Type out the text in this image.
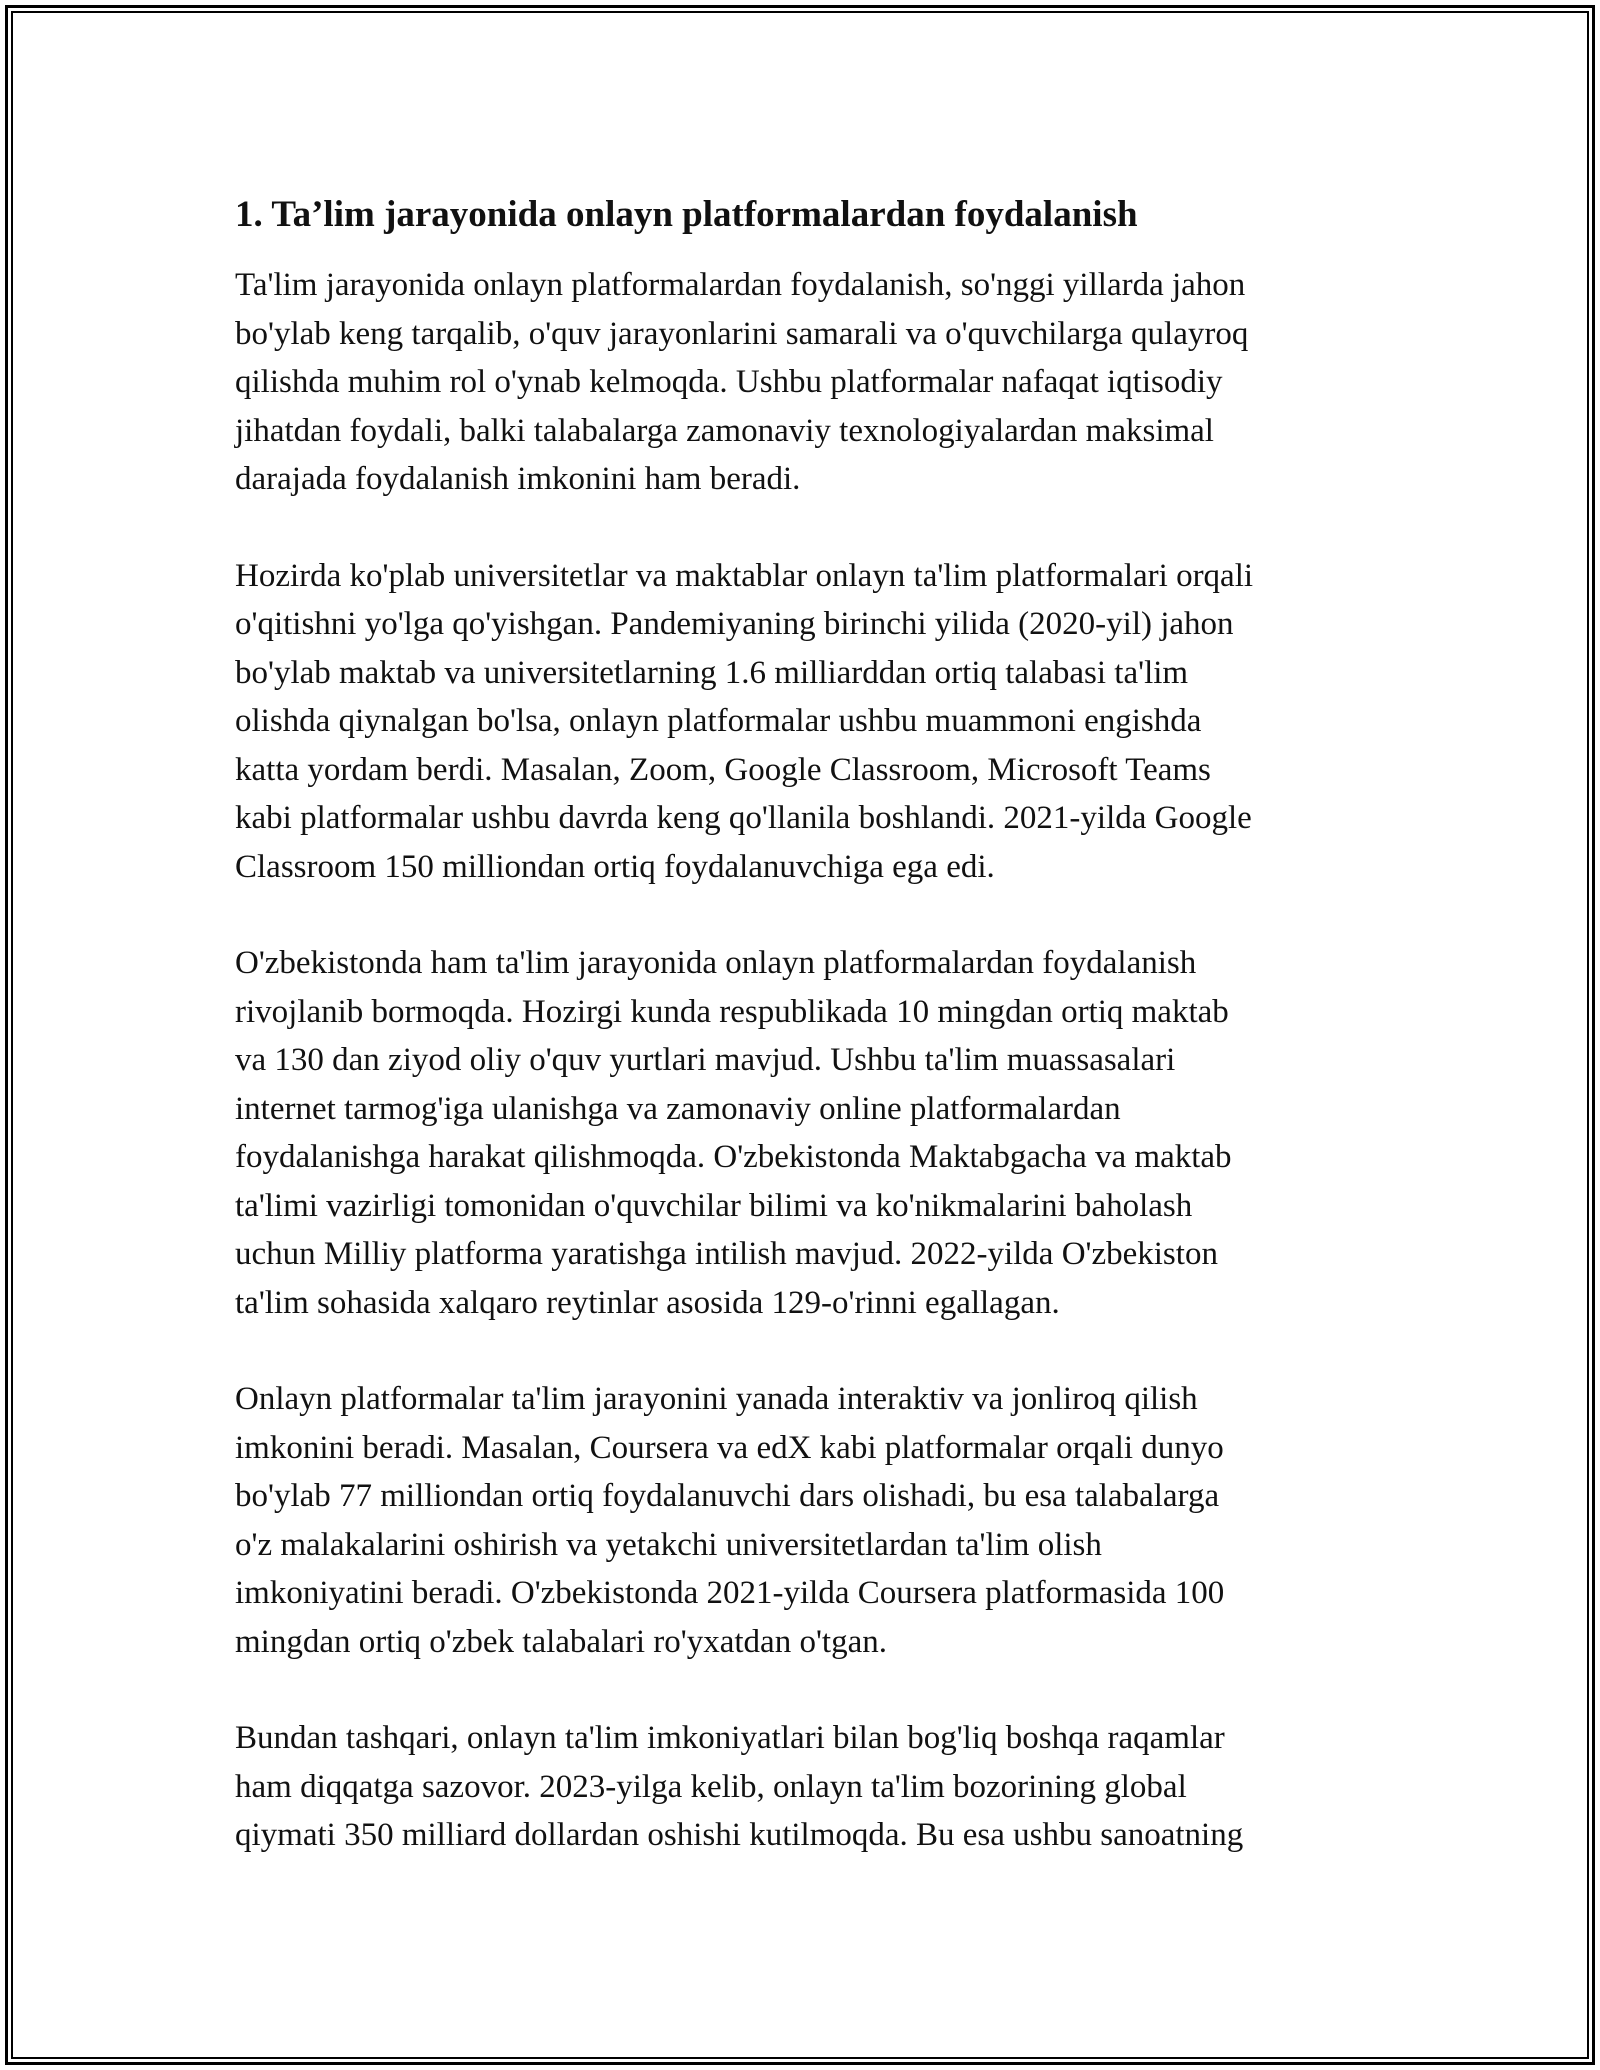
1. Ta’lim jarayonida onlayn platformalardan foydalanish

Ta'lim jarayonida onlayn platformalardan foydalanish, so'nggi yillarda jahon
bo'ylab keng tarqalib, o'quv jarayonlarini samarali va o'quvchilarga qulayroq
qilishda muhim rol o'ynab kelmoqda. Ushbu platformalar nafaqat iqtisodiy
jihatdan foydali, balki talabalarga zamonaviy texnologiyalardan maksimal
darajada foydalanish imkonini ham beradi.

Hozirda ko'plab universitetlar va maktablar onlayn ta'lim platformalari orqali
o'qitishni yo'lga qo'yishgan. Pandemiyaning birinchi yilida (2020-yil) jahon
bo'ylab maktab va universitetlarning 1.6 milliarddan ortiq talabasi ta'lim
olishda qiynalgan bo'lsa, onlayn platformalar ushbu muammoni engishda
katta yordam berdi. Masalan, Zoom, Google Classroom, Microsoft Teams
kabi platformalar ushbu davrda keng qo'llanila boshlandi. 2021-yilda Google
Classroom 150 milliondan ortiq foydalanuvchiga ega edi.

O'zbekistonda ham ta'lim jarayonida onlayn platformalardan foydalanish
rivojlanib bormoqda. Hozirgi kunda respublikada 10 mingdan ortiq maktab
va 130 dan ziyod oliy o'quv yurtlari mavjud. Ushbu ta'lim muassasalari
internet tarmog'iga ulanishga va zamonaviy online platformalardan
foydalanishga harakat qilishmoqda. O'zbekistonda Maktabgacha va maktab
ta'limi vazirligi tomonidan o'quvchilar bilimi va ko'nikmalarini baholash
uchun Milliy platforma yaratishga intilish mavjud. 2022-yilda O'zbekiston
ta'lim sohasida xalqaro reytinlar asosida 129-o'rinni egallagan.

Onlayn platformalar ta'lim jarayonini yanada interaktiv va jonliroq qilish
imkonini beradi. Masalan, Coursera va edX kabi platformalar orqali dunyo
bo'ylab 77 milliondan ortiq foydalanuvchi dars olishadi, bu esa talabalarga
o'z malakalarini oshirish va yetakchi universitetlardan ta'lim olish
imkoniyatini beradi. O'zbekistonda 2021-yilda Coursera platformasida 100
mingdan ortiq o'zbek talabalari ro'yxatdan o'tgan.

Bundan tashqari, onlayn ta'lim imkoniyatlari bilan bog'liq boshqa raqamlar
ham diqqatga sazovor. 2023-yilga kelib, onlayn ta'lim bozorining global
qiymati 350 milliard dollardan oshishi kutilmoqda. Bu esa ushbu sanoatning
